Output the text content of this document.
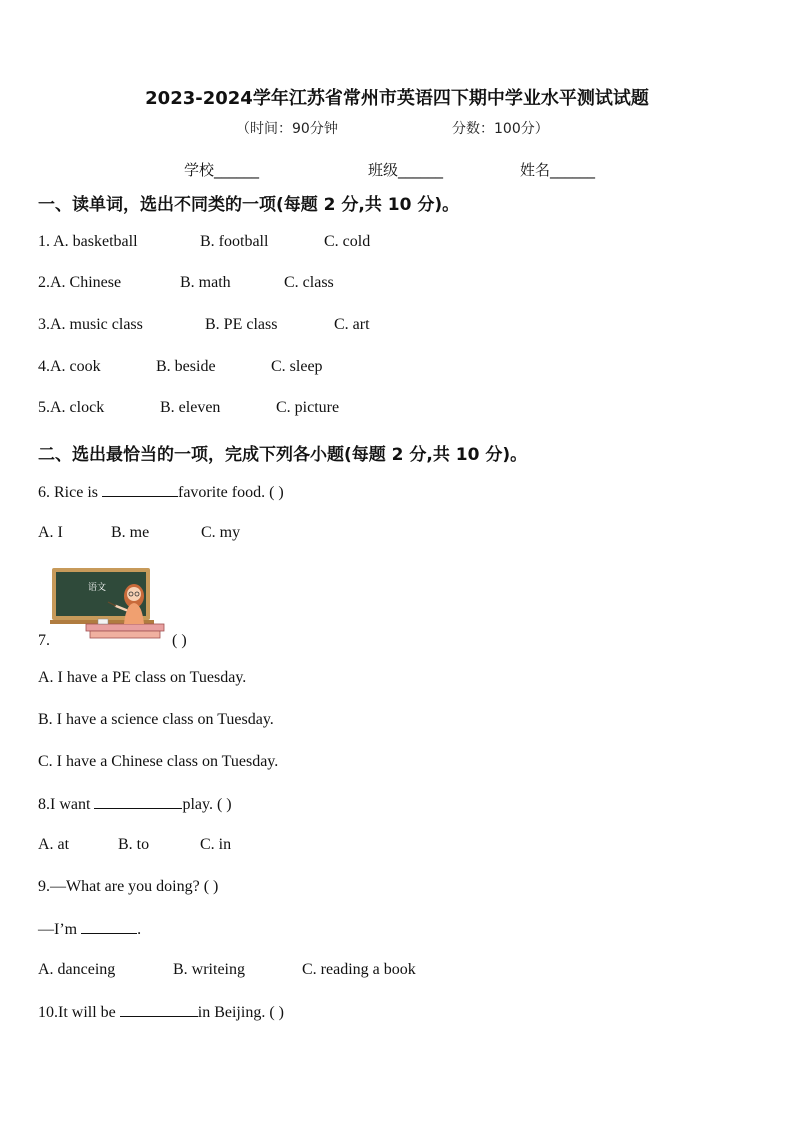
2023-2024学年江苏省常州市英语四下期中学业水平测试试题
（时间：90分钟	分数：100分）
学校______	班级______	姓名______
一、读单词，选出不同类的一项(每题 2 分,共 10 分)。
1. A. basketball	B. football	C. cold
2.A. Chinese	B. math	C. class
3.A. music class	B. PE class	C. art
4.A. cook	B. beside	C. sleep
5.A. clock	B. eleven	C. picture
二、选出最恰当的一项，完成下列各小题(每题 2 分,共 10 分)。
6. Rice is	favorite food. ( )
A. I	B. me	C. my
语文
7.	( )
A. I have a PE class on Tuesday.
B. I have a science class on Tuesday.
C. I have a Chinese class on Tuesday.
8.I want	play. ( )
A. at	B. to	C. in
9.—What are you doing? ( )
—I’m	.
A. danceing	B. writeing	C. reading a book
10.It will be	in Beijing. ( )
